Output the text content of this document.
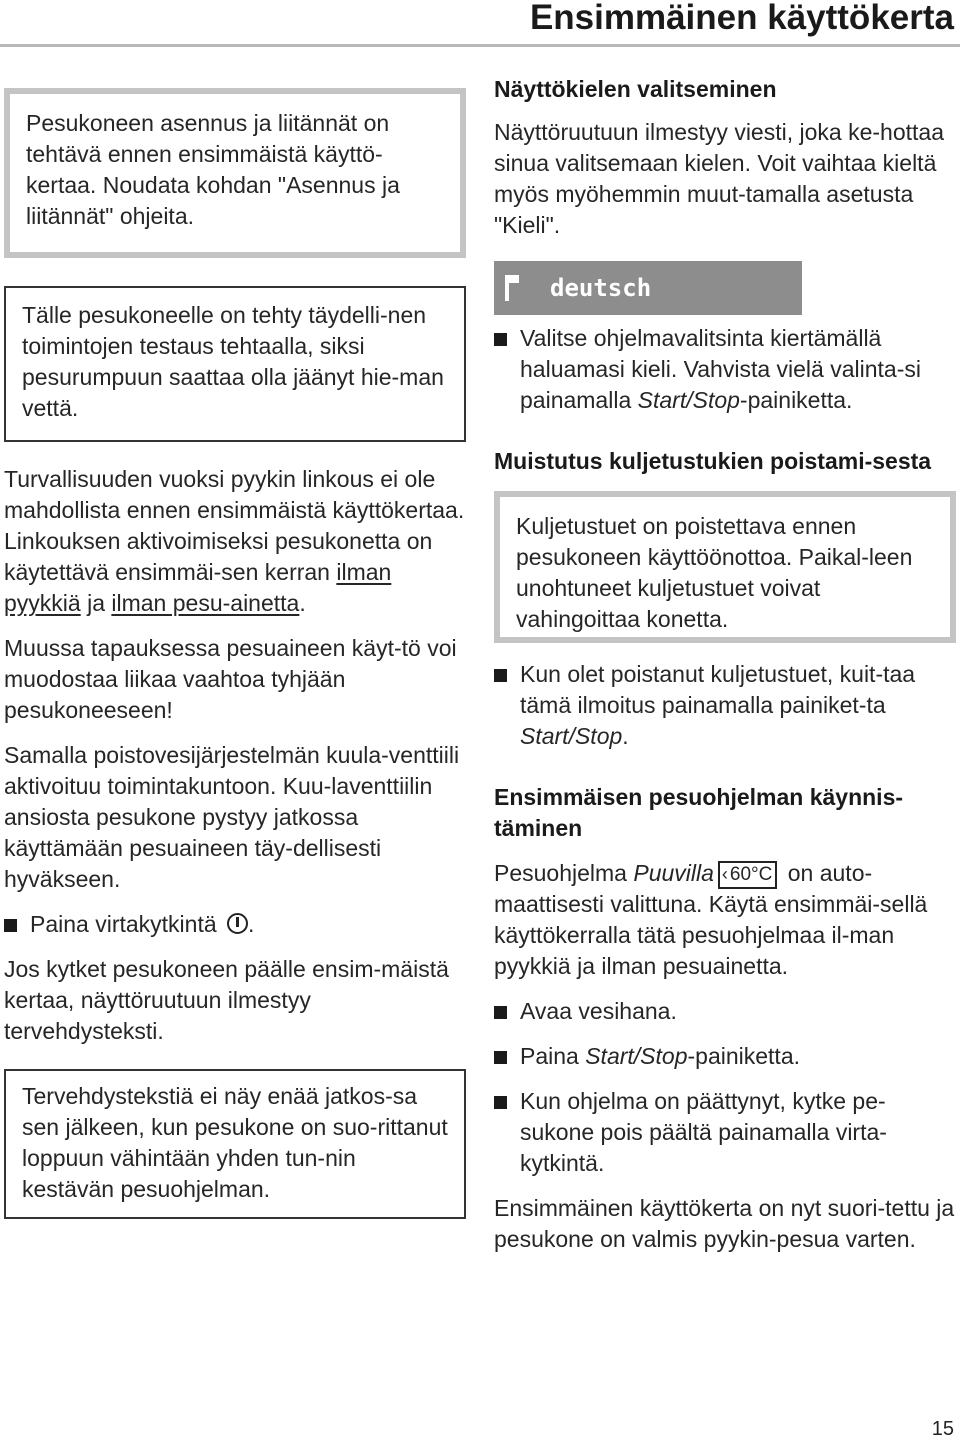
Ensimmäinen käyttökerta
Pesukoneen asennus ja liitännät on tehtävä ennen ensimmäistä käyttö-kertaa. Noudata kohdan "Asennus ja liitännät" ohjeita.
Tälle pesukoneelle on tehty täydelli-nen toimintojen testaus tehtaalla, siksi pesurumpuun saattaa olla jäänyt hie-man vettä.

Turvallisuuden vuoksi pyykin linkous ei ole mahdollista ennen ensimmäistä käyttökertaa. Linkouksen aktivoimiseksi pesukonetta on käytettävä ensimmäi-sen kerran ilman pyykkiä ja ilman pesu-ainetta.

Muussa tapauksessa pesuaineen käyt-tö voi muodostaa liikaa vaahtoa tyhjään pesukoneeseen!

Samalla poistovesijärjestelmän kuula-venttiili aktivoituu toimintakuntoon. Kuu-laventtiilin ansiosta pesukone pystyy jatkossa käyttämään pesuaineen täy-dellisesti hyväkseen.

Paina virtakytkintä .

Jos kytket pesukoneen päälle ensim-mäistä kertaa, näyttöruutuun ilmestyy tervehdysteksti.

Tervehdystekstiä ei näy enää jatkos-sa sen jälkeen, kun pesukone on suo-rittanut loppuun vähintään yhden tun-nin kestävän pesuohjelman.
Näyttökielen valitseminen

Näyttöruutuun ilmestyy viesti, joka ke-hottaa sinua valitsemaan kielen. Voit vaihtaa kieltä myös myöhemmin muut-tamalla asetusta "Kieli".

deutsch
Valitse ohjelmavalitsinta kiertämällä haluamasi kieli. Vahvista vielä valinta-si painamalla Start/Stop-painiketta.
Muistutus kuljetustukien poistami-sesta
Kuljetustuet on poistettava ennen pesukoneen käyttöönottoa. Paikal-leen unohtuneet kuljetustuet voivat vahingoittaa konetta.
Kun olet poistanut kuljetustuet, kuit-taa tämä ilmoitus painamalla painiket-ta Start/Stop.
Ensimmäisen pesuohjelman käynnis-täminen

Pesuohjelma Puuvilla ‹ 60°C on auto-maattisesti valittuna. Käytä ensimmäi-sellä käyttökerralla tätä pesuohjelmaa il-man pyykkiä ja ilman pesuainetta.

Avaa vesihana.
Paina Start/Stop-painiketta.
Kun ohjelma on päättynyt, kytke pe-sukone pois päältä painamalla virta-kytkintä.

Ensimmäinen käyttökerta on nyt suori-tettu ja pesukone on valmis pyykin-pesua varten.

15
